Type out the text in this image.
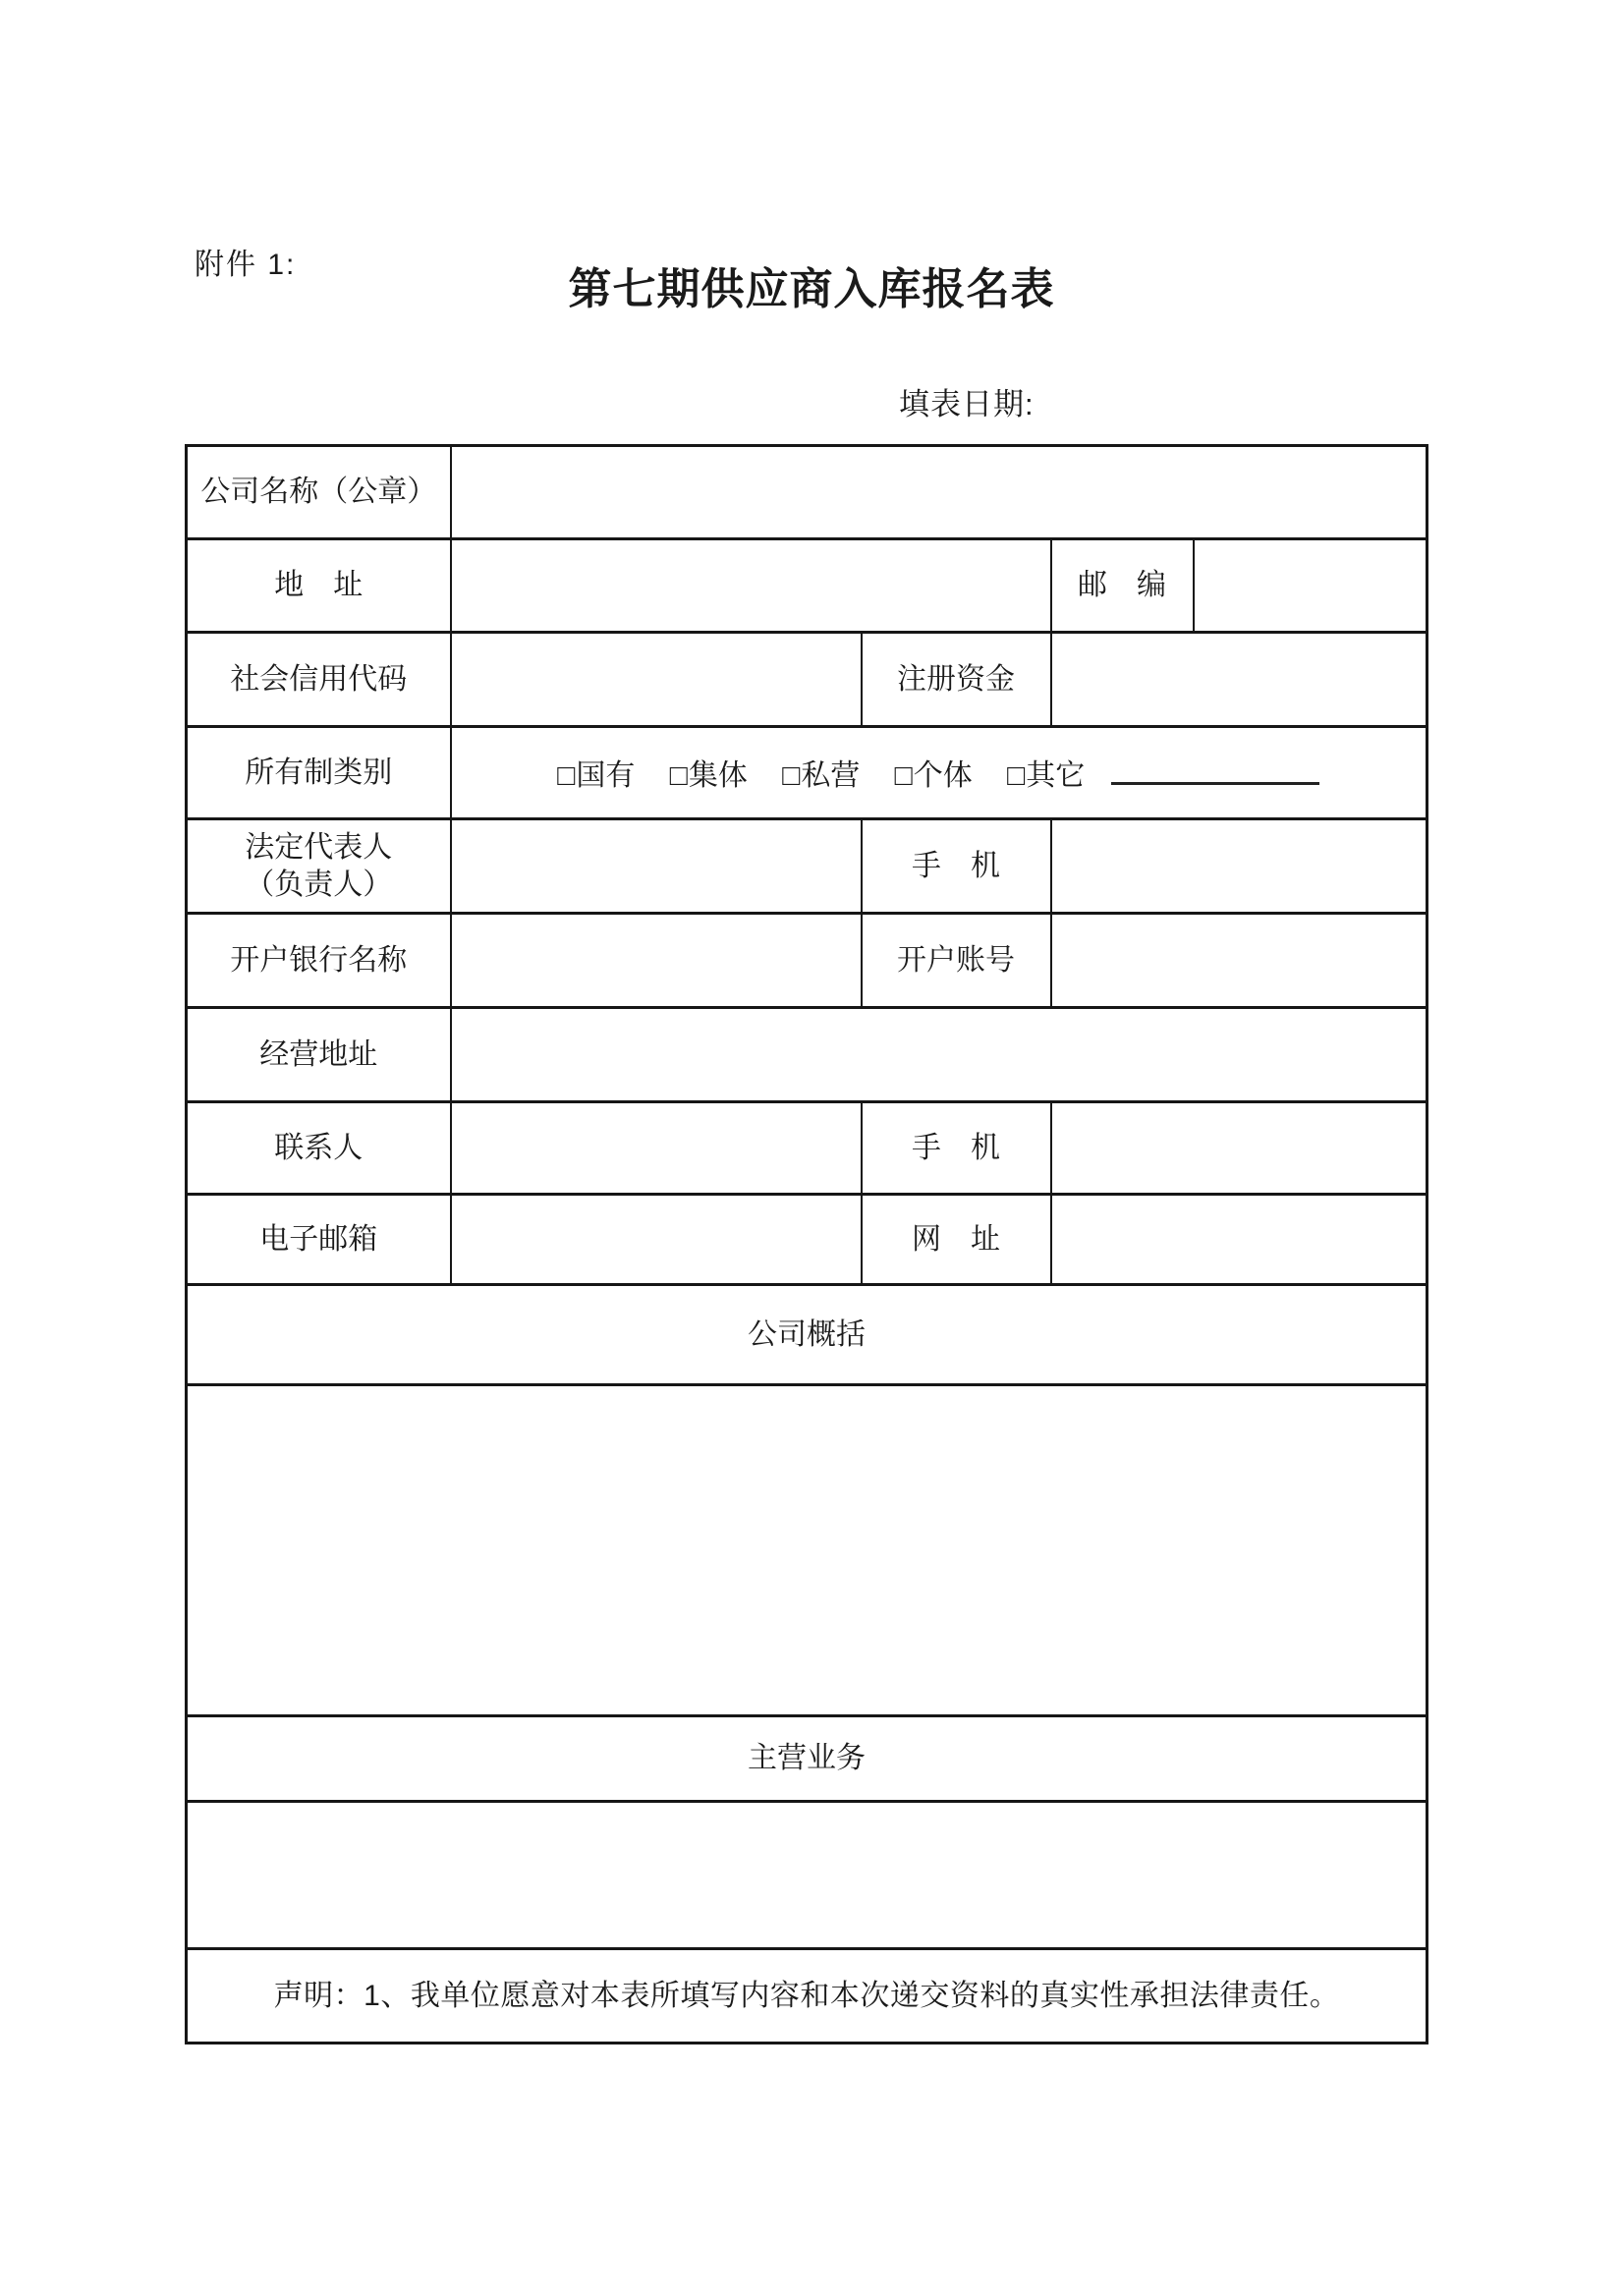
附件 1:
第七期供应商入库报名表
填表日期:
公司名称（公章）				
地　址			邮　编	
社会信用代码		注册资金		
所有制类别	□国有 □集体 □私营 □个体 □其它			

法定代表人
（负责人）		手　机		
开户银行名称		开户账号		
经营地址				
联系人		手　机		
电子邮箱		网　址		
公司概括				

主营业务				

声明：1、我单位愿意对本表所填写内容和本次递交资料的真实性承担法律责任。				
